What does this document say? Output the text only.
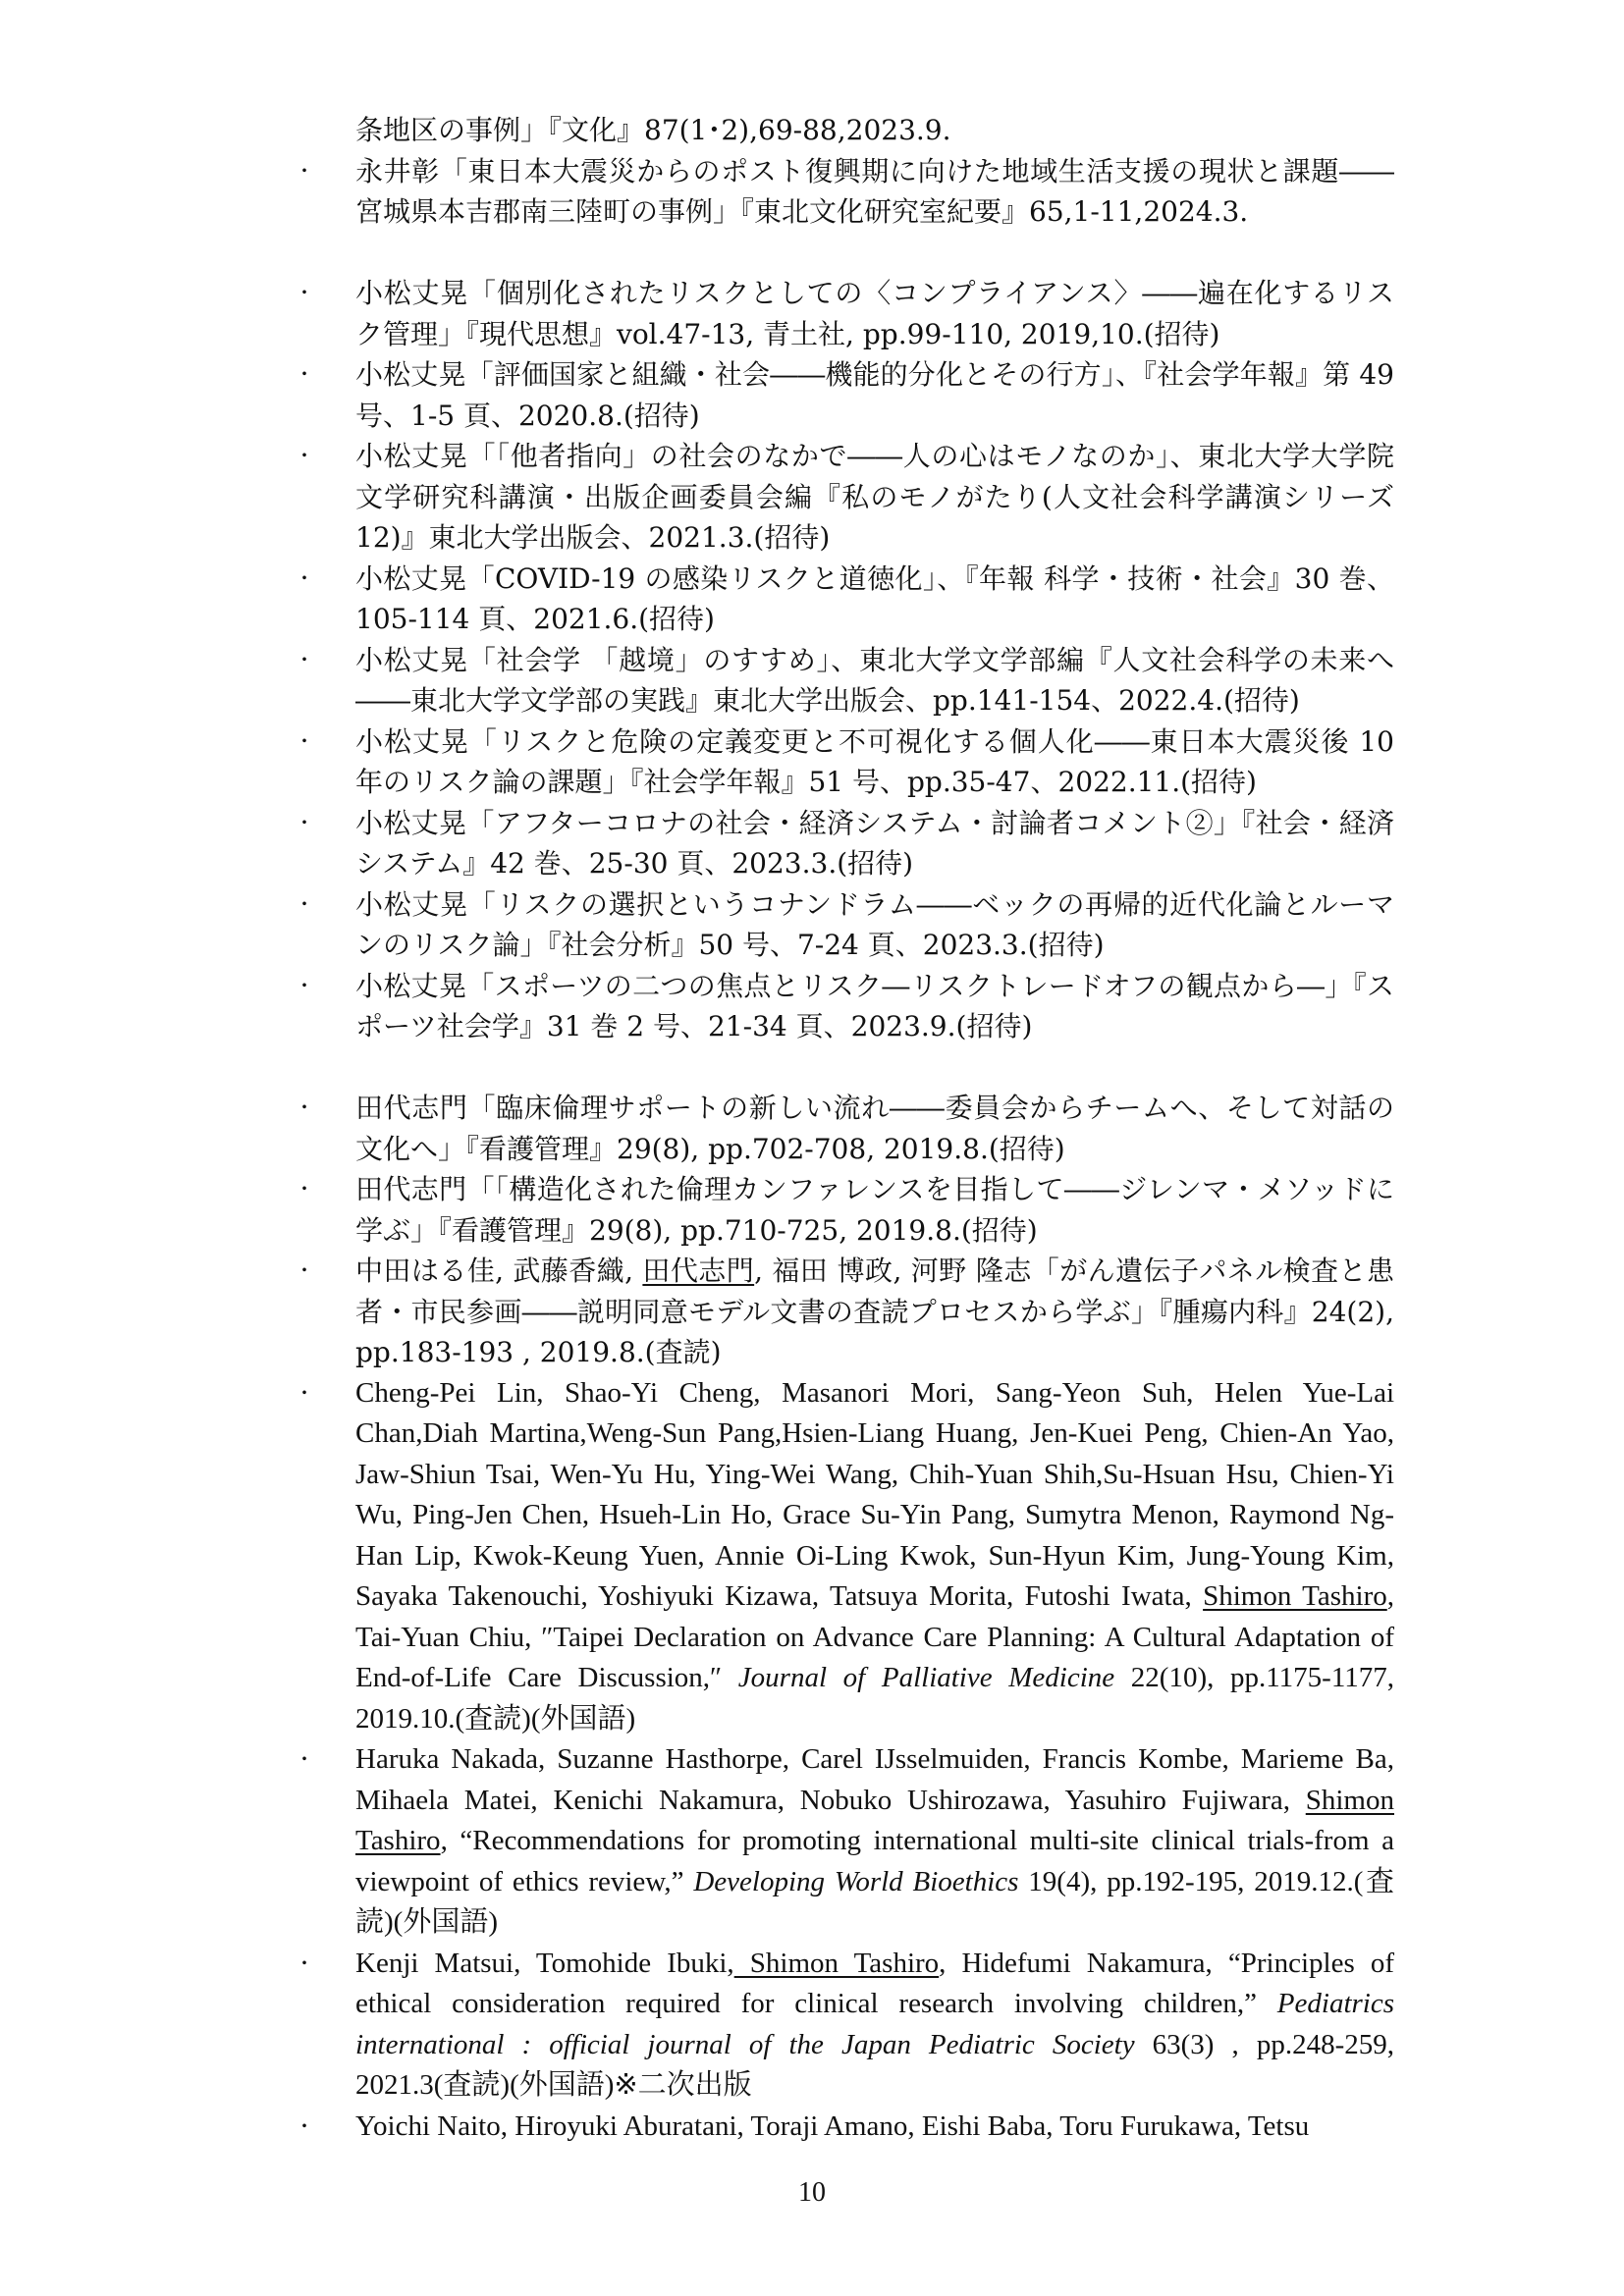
条地区の事例」『文化』87(1･2),69-88,2023.9.
・ 永井彰「東日本大震災からのポスト復興期に向けた地域生活支援の現状と課題――宮城県本吉郡南三陸町の事例」『東北文化研究室紀要』65,1-11,2024.3.
・ 小松丈晃「個別化されたリスクとしての〈コンプライアンス〉――遍在化するリスク管理」『現代思想』vol.47-13, 青土社, pp.99-110, 2019,10.(招待)
・ 小松丈晃「評価国家と組織・社会――機能的分化とその行方」、『社会学年報』第 49 号、1-5 頁、2020.8.(招待)
・ 小松丈晃「「他者指向」の社会のなかで――人の心はモノなのか」、東北大学大学院文学研究科講演・出版企画委員会編『私のモノがたり(人文社会科学講演シリーズ 12)』東北大学出版会、2021.3.(招待)
・ 小松丈晃「COVID-19 の感染リスクと道徳化」、『年報 科学・技術・社会』30 巻、105-114 頁、2021.6.(招待)
・ 小松丈晃「社会学 「越境」のすすめ」、東北大学文学部編『人文社会科学の未来へ――東北大学文学部の実践』東北大学出版会、pp.141-154、2022.4.(招待)
・ 小松丈晃「リスクと危険の定義変更と不可視化する個人化――東日本大震災後 10 年のリスク論の課題」『社会学年報』51 号、pp.35-47、2022.11.(招待)
・ 小松丈晃「アフターコロナの社会・経済システム・討論者コメント②」『社会・経済システム』42 巻、25-30 頁、2023.3.(招待)
・ 小松丈晃「リスクの選択というコナンドラム――ベックの再帰的近代化論とルーマンのリスク論」『社会分析』50 号、7-24 頁、2023.3.(招待)
・ 小松丈晃「スポーツの二つの焦点とリスク―リスクトレードオフの観点から―」『スポーツ社会学』31 巻 2 号、21-34 頁、2023.9.(招待)
・ 田代志門「臨床倫理サポートの新しい流れ――委員会からチームへ、そして対話の文化へ」『看護管理』29(8), pp.702-708, 2019.8.(招待)
・ 田代志門「「構造化された倫理カンファレンスを目指して――ジレンマ・メソッドに学ぶ」『看護管理』29(8), pp.710-725, 2019.8.(招待)
・ 中田はる佳, 武藤香織, 田代志門, 福田 博政, 河野 隆志「がん遺伝子パネル検査と患者・市民参画――説明同意モデル文書の査読プロセスから学ぶ」『腫瘍内科』24(2), pp.183-193 , 2019.8.(査読)
・ Cheng-Pei Lin, Shao-Yi Cheng, Masanori Mori, Sang-Yeon Suh, Helen Yue-Lai Chan,Diah Martina,Weng-Sun Pang,Hsien-Liang Huang, Jen-Kuei Peng, Chien-An Yao, Jaw-Shiun Tsai, Wen-Yu Hu, Ying-Wei Wang, Chih-Yuan Shih,Su-Hsuan Hsu, Chien-Yi Wu, Ping-Jen Chen, Hsueh-Lin Ho, Grace Su-Yin Pang, Sumytra Menon, Raymond Ng-Han Lip, Kwok-Keung Yuen, Annie Oi-Ling Kwok, Sun-Hyun Kim, Jung-Young Kim, Sayaka Takenouchi, Yoshiyuki Kizawa, Tatsuya Morita, Futoshi Iwata, Shimon Tashiro, Tai-Yuan Chiu, ″Taipei Declaration on Advance Care Planning: A Cultural Adaptation of End-of-Life Care Discussion,″ Journal of Palliative Medicine 22(10), pp.1175-1177, 2019.10.(査読)(外国語)
・ Haruka Nakada, Suzanne Hasthorpe, Carel IJsselmuiden, Francis Kombe, Marieme Ba, Mihaela Matei, Kenichi Nakamura, Nobuko Ushirozawa, Yasuhiro Fujiwara, Shimon Tashiro, “Recommendations for promoting international multi-site clinical trials-from a viewpoint of ethics review,” Developing World Bioethics 19(4), pp.192-195, 2019.12.(査読)(外国語)
・ Kenji Matsui, Tomohide Ibuki, Shimon Tashiro, Hidefumi Nakamura, “Principles of ethical consideration required for clinical research involving children,” Pediatrics international : official journal of the Japan Pediatric Society 63(3) , pp.248-259, 2021.3(査読)(外国語)※二次出版
・ Yoichi Naito, Hiroyuki Aburatani, Toraji Amano, Eishi Baba, Toru Furukawa, Tetsu
10
